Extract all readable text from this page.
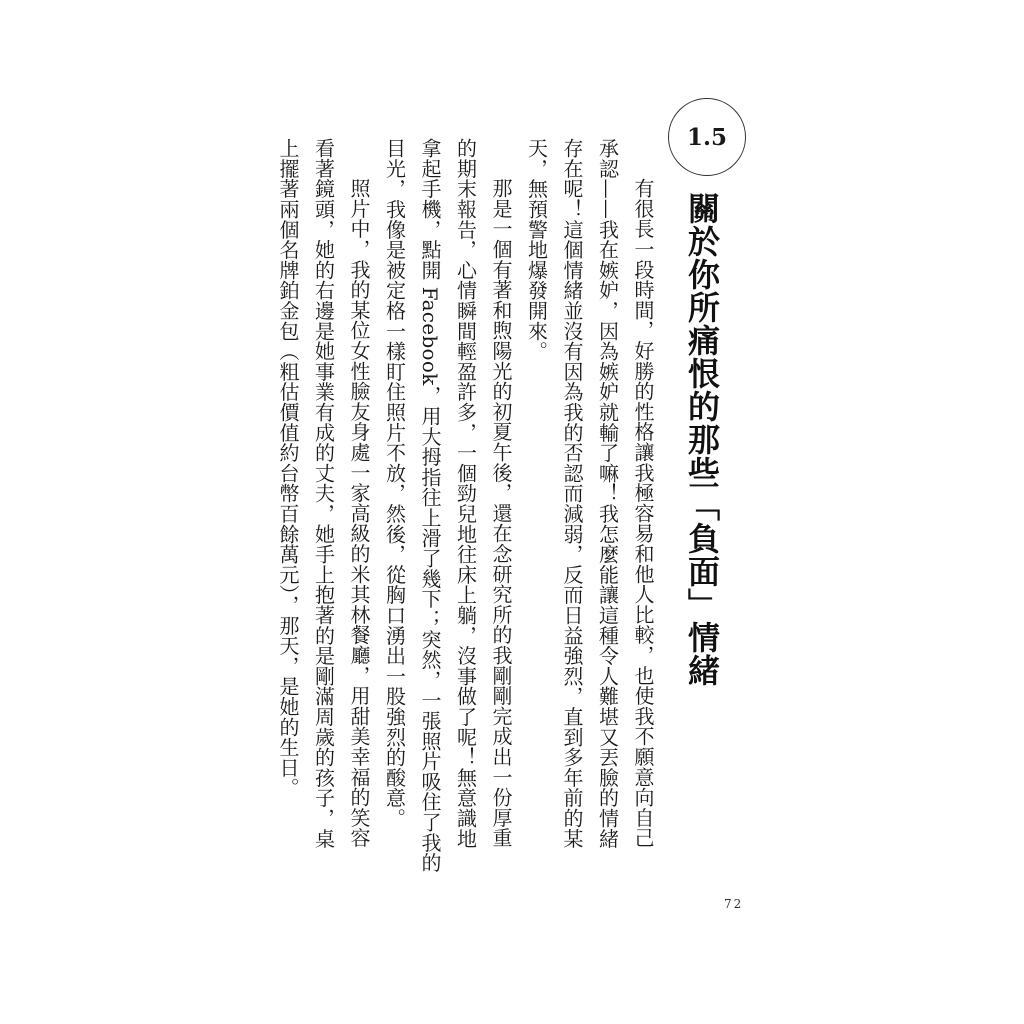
1.5
關於你所痛恨的那些「負面」情緒

有很長一段時間，好勝的性格讓我極容易和他人比較，也使我不願意向自己
承認——我在嫉妒，因為嫉妒就輸了嘛！我怎麼能讓這種令人難堪又丟臉的情緒
存在呢！這個情緒並沒有因為我的否認而減弱，反而日益強烈，直到多年前的某
天，無預警地爆發開來。

那是一個有著和煦陽光的初夏午後，還在念研究所的我剛剛完成出一份厚重
的期末報告，心情瞬間輕盈許多，一個勁兒地往床上躺，沒事做了呢！無意識地
拿起手機，點開 Facebook，用大拇指往上滑了幾下；突然，一張照片吸住了我的
目光，我像是被定格一樣盯住照片不放，然後，從胸口湧出一股強烈的酸意。

照片中，我的某位女性臉友身處一家高級的米其林餐廳，用甜美幸福的笑容
看著鏡頭，她的右邊是她事業有成的丈夫，她手上抱著的是剛滿周歲的孩子，桌
上擺著兩個名牌鉑金包（粗估價值約台幣百餘萬元），那天，是她的生日。

72
